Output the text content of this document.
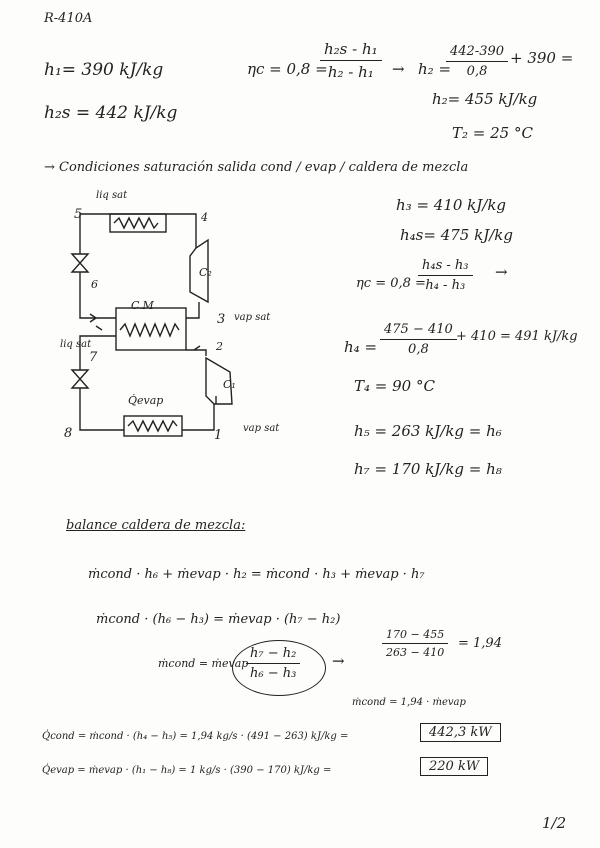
R-410A
h₁= 390 kJ/kg
h₂s = 442 kJ/kg
ηc = 0,8 =
$\frac{\text{h₂s - h₁}}{\text{h₂ - h₁}} \to h_2$ =
$\frac{442-390}{0,8} + 390$ =
h₂= 455 kJ/kg
T₂ = 25 °C
→ Condiciones saturación salida cond / evap / caldera de mezcla
liq sat
5	4
6
C₂
C.M
3 vap sat
liq sat
7
2
C₁
Q̇evap
8	1 vap sat
h₃ = 410 kJ/kg
h₄s= 475 kJ/kg
ηc = 0,8 =
$\frac{\text{h₄s - h₃}}{\text{h₄ - h₃}}$ →
$h_4 = \frac{475 - 410}{0,8} + 410 = 491$ kJ/kg
T₄ = 90 °C
h₅ = 263 kJ/kg = h₆
h₇ = 170 kJ/kg = h₈
balance caldera de mezcla:
ṁcond · h₆ + ṁevap · h₂ = ṁcond · h₃ + ṁevap · h₇
ṁcond · (h₆ − h₃) = ṁevap · (h₇ − h₂)
ṁcond = ṁevap
$\frac{\text{h₇ − h₂}}{\text{h₆ − h₃}}$ →
$\frac{170 - 455}{263 - 410} = 1,94$
ṁcond = 1,94 · ṁevap
Q̇cond = ṁcond · (h₄ − h₅) = 1,94 kg/s · (491 − 263) kJ/kg =	442,3 kW
Q̇evap = ṁevap · (h₁ − h₈) = 1 kg/s · (390 − 170) kJ/kg =	220 kW
1/2
